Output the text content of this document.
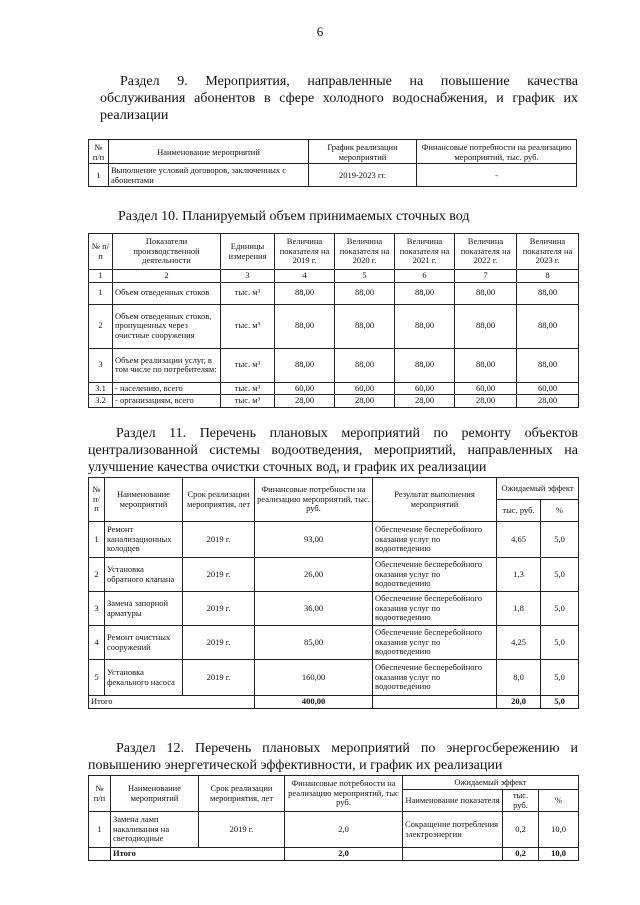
6

Раздел 9. Мероприятия, направленные на повышение качества обслуживания абонентов в сфере холодного водоснабжения, и график их реализации

№ п/п	Наименование мероприятий	График реализации мероприятий	Финансовые потребности на реализацию мероприятий, тыс. руб.
1	Выполнение условий договоров, заключенных с абонентами	2019-2023 гг.	-

Раздел 10. Планируемый объем принимаемых сточных вод

№ п/п	Показатели производственной деятельности	Единицы измерения	Величина показателя на 2019 г.	Величина показателя на 2020 г.	Величина показателя на 2021 г.	Величина показателя на 2022 г.	Величина показателя на 2023 г.
1	2	3	4	5	6	7	8
1	Объем отведенных стоков	тыс. м³	88,00	88,00	88,00	88,00	88,00
2	Объем отведенных стоков, пропущенных через очистные сооружения	тыс. м³	88,00	88,00	88,00	88,00	88,00
3	Объем реализации услуг, в том числе по потребителям:	тыс. м³	88,00	88,00	88,00	88,00	88,00
3.1	- населению, всего	тыс. м³	60,00	60,00	60,00	60,00	60,00
3.2	- организациям, всего	тыс. м³	28,00	28,00	28,00	28,00	28,00

Раздел 11. Перечень плановых мероприятий по ремонту объектов централизованной системы водоотведения, мероприятий, направленных на улучшение качества очистки сточных вод, и график их реализации

№ п/ п	Наименование мероприятий	Срок реализации мероприятия, лет	Финансовые потребности на реализацию мероприятий, тыс. руб.	Результат выполнения мероприятий	Ожидаемый эффект	
					тыс. руб.	%
1	Ремонт канализационных колодцев	2019 г.	93,00	Обеспечение бесперебойного оказания услуг по водоотведению	4,65	5,0
2	Установка обратного клапана	2019 г.	26,00	Обеспечение бесперебойного оказания услуг по водоотведению	1,3	5,0
3	Замена запорной арматуры	2019 г.	36,00	Обеспечение бесперебойного оказания услуг по водоотведению	1,8	5,0
4	Ремонт очистных сооружений	2019 г.	85,00	Обеспечение бесперебойного оказания услуг по водоотведению	4,25	5,0
5	Установка фекального насоса	2019 г.	160,00	Обеспечение бесперебойного оказания услуг по водоотведению	8,0	5,0
Итого			400,00		20,0	5,0

Раздел 12. Перечень плановых мероприятий по энергосбережению и повышению энергетической эффективности, и график их реализации

№ п/п	Наименование мероприятий	Срок реализации мероприятия, лет	Финансовые потребности на реализацию мероприятий, тыс руб.	Ожидаемый эффект		
				Наименование показателя	тыс. руб.	%
1	Замена ламп накаливания на светодиодные	2019 г.	2,0	Сокращение потребления электроэнергии	0,2	10,0
	Итого		2,0		0,2	10,0
